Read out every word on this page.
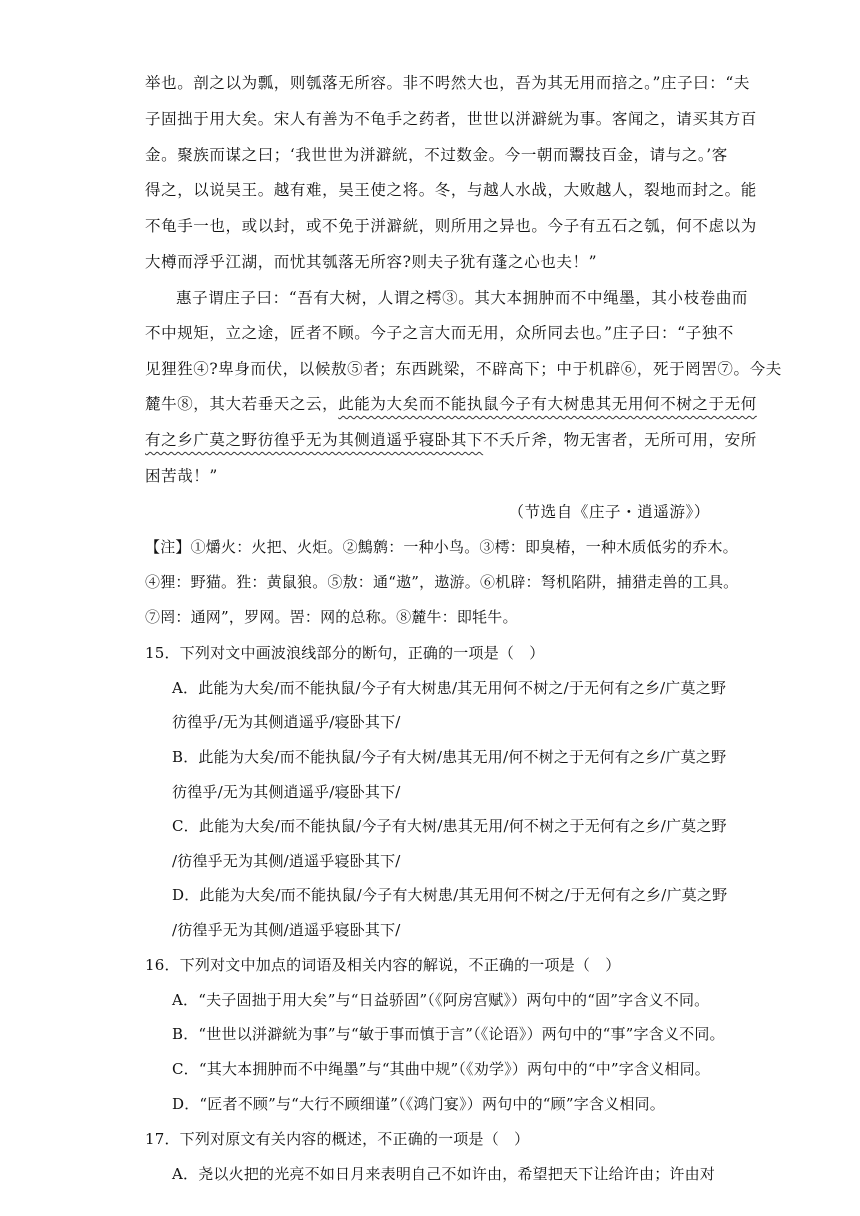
举也。剖之以为瓢，则瓠落无所容。非不呺然大也，吾为其无用而掊之。”庄子曰：“夫
子固拙于用大矣。宋人有善为不龟手之药者，世世以洴澼絖为事。客闻之，请买其方百
金。聚族而谋之曰；‘我世世为洴澼絖，不过数金。今一朝而鬻技百金，请与之。’客
得之，以说吴王。越有难，吴王使之将。冬，与越人水战，大败越人，裂地而封之。能
不龟手一也，或以封，或不免于洴澼絖，则所用之异也。今子有五石之瓠，何不虑以为
大樽而浮乎江湖，而忧其瓠落无所容?则夫子犹有蓬之心也夫！”
惠子谓庄子曰：“吾有大树，人谓之樗③。其大本拥肿而不中绳墨，其小枝卷曲而
不中规矩，立之途，匠者不顾。今子之言大而无用，众所同去也。”庄子曰：“子独不
见狸狌④?卑身而伏，以候敖⑤者；东西跳梁，不辟高下；中于机辟⑥，死于罔罟⑦。今夫
麓牛⑧，其大若垂天之云，此能为大矣而不能执鼠今子有大树患其无用何不树之于无何
有之乡广莫之野彷徨乎无为其侧逍遥乎寝卧其下不夭斤斧，物无害者，无所可用，安所
困苦哉！”
（节选自《庄子・逍遥游》）
【注】①爝火：火把、火炬。②鷦鹩：一种小鸟。③樗：即臭椿，一种木质低劣的乔木。
④狸：野猫。狌：黄鼠狼。⑤敖：通“遨”，遨游。⑥机辟：弩机陷阱，捕猎走兽的工具。
⑦罔：通网”，罗网。罟：网的总称。⑧麓牛：即牦牛。
15．下列对文中画波浪线部分的断句，正确的一项是（　）
A．此能为大矣/而不能执鼠/今子有大树患/其无用何不树之/于无何有之乡/广莫之野
彷徨乎/无为其侧逍遥乎/寝卧其下/
B．此能为大矣/而不能执鼠/今子有大树/患其无用/何不树之于无何有之乡/广莫之野
彷徨乎/无为其侧逍遥乎/寝卧其下/
C．此能为大矣/而不能执鼠/今子有大树/患其无用/何不树之于无何有之乡/广莫之野
/彷徨乎无为其侧/逍遥乎寝卧其下/
D．此能为大矣/而不能执鼠/今子有大树患/其无用何不树之/于无何有之乡/广莫之野
/彷徨乎无为其侧/逍遥乎寝卧其下/
16．下列对文中加点的词语及相关内容的解说，不正确的一项是（　）
A．“夫子固拙于用大矣”与“日益骄固”（《阿房宫赋》）两句中的“固”字含义不同。
B．“世世以洴澼絖为事”与“敏于事而慎于言”（《论语》）两句中的“事”字含义不同。
C．“其大本拥肿而不中绳墨”与“其曲中规”（《劝学》）两句中的“中”字含义相同。
D．“匠者不顾”与“大行不顾细谨”（《鸿门宴》）两句中的“顾”字含义相同。
17．下列对原文有关内容的概述，不正确的一项是（　）
A．尧以火把的光亮不如日月来表明自己不如许由，希望把天下让给许由；许由对
